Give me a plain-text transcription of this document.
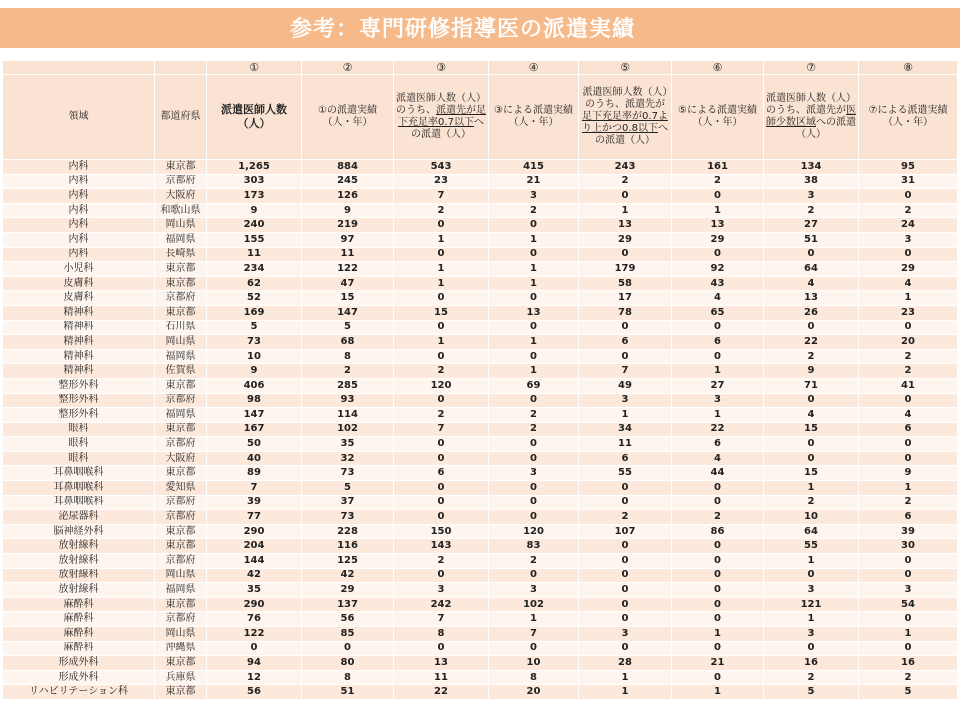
参考：専門研修指導医の派遣実績
		①	②	③	④	⑤	⑥	⑦	⑧
領域	都道府県	派遣医師人数（人）	①の派遣実績（人・年）	派遣医師人数（人）のうち、派遣先が足下充足率0.7以下への派遣（人）	③による派遣実績（人・年）	派遣医師人数（人）のうち、派遣先が足下充足率が0.7より上かつ0.8以下への派遣（人）	⑤による派遣実績（人・年）	派遣医師人数（人）のうち、派遣先が医師少数区域への派遣（人）	⑦による派遣実績（人・年）
内科	東京都	1,265	884	543	415	243	161	134	95
内科	京都府	303	245	23	21	2	2	38	31
内科	大阪府	173	126	7	3	0	0	3	0
内科	和歌山県	9	9	2	2	1	1	2	2
内科	岡山県	240	219	0	0	13	13	27	24
内科	福岡県	155	97	1	1	29	29	51	3
内科	長崎県	11	11	0	0	0	0	0	0
小児科	東京都	234	122	1	1	179	92	64	29
皮膚科	東京都	62	47	1	1	58	43	4	4
皮膚科	京都府	52	15	0	0	17	4	13	1
精神科	東京都	169	147	15	13	78	65	26	23
精神科	石川県	5	5	0	0	0	0	0	0
精神科	岡山県	73	68	1	1	6	6	22	20
精神科	福岡県	10	8	0	0	0	0	2	2
精神科	佐賀県	9	2	2	1	7	1	9	2
整形外科	東京都	406	285	120	69	49	27	71	41
整形外科	京都府	98	93	0	0	3	3	0	0
整形外科	福岡県	147	114	2	2	1	1	4	4
眼科	東京都	167	102	7	2	34	22	15	6
眼科	京都府	50	35	0	0	11	6	0	0
眼科	大阪府	40	32	0	0	6	4	0	0
耳鼻咽喉科	東京都	89	73	6	3	55	44	15	9
耳鼻咽喉科	愛知県	7	5	0	0	0	0	1	1
耳鼻咽喉科	京都府	39	37	0	0	0	0	2	2
泌尿器科	京都府	77	73	0	0	2	2	10	6
脳神経外科	東京都	290	228	150	120	107	86	64	39
放射線科	東京都	204	116	143	83	0	0	55	30
放射線科	京都府	144	125	2	2	0	0	1	0
放射線科	岡山県	42	42	0	0	0	0	0	0
放射線科	福岡県	35	29	3	3	0	0	3	3
麻酔科	東京都	290	137	242	102	0	0	121	54
麻酔科	京都府	76	56	7	1	0	0	1	0
麻酔科	岡山県	122	85	8	7	3	1	3	1
麻酔科	沖縄県	0	0	0	0	0	0	0	0
形成外科	東京都	94	80	13	10	28	21	16	16
形成外科	兵庫県	12	8	11	8	1	0	2	2
リハビリテーション科	東京都	56	51	22	20	1	1	5	5
